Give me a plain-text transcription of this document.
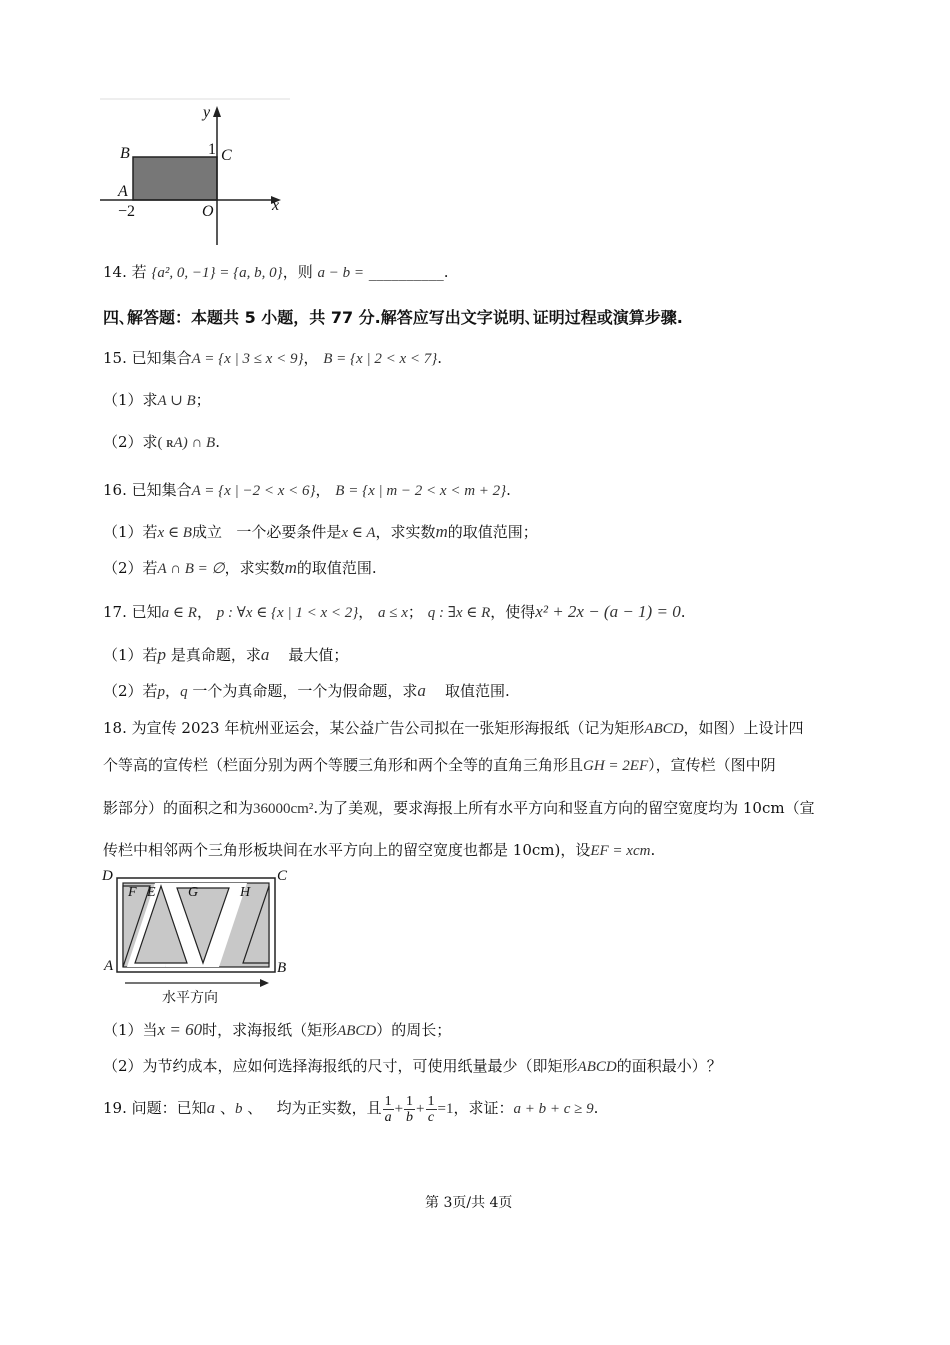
y
x
B	1 C
A
−2	O
14. 若 {a², 0, −1} = {a, b, 0}，则 a − b = __________.
四､解答题：本题共 5 小题，共 77 分.解答应写出文字说明､证明过程或演算步骤.
15. 已知集合A = {x | 3 ≤ x < 9}， B = {x | 2 < x < 7}.
（1）求A ∪ B；
（2）求( RA) ∩ B.
16. 已知集合A = {x | −2 < x < 6}， B = {x | m − 2 < x < m + 2}.
（1）若x ∈ B成立 一个必要条件是x ∈ A，求实数m的取值范围；
（2）若A ∩ B = ∅，求实数m的取值范围.
17. 已知a ∈ R， p : ∀x ∈ {x | 1 < x < 2}， a ≤ x； q : ∃x ∈ R，使得x² + 2x − (a − 1) = 0.
（1）若p 是真命题，求a 最大值；
（2）若p，q 一个为真命题，一个为假命题，求a 取值范围.
18. 为宣传 2023 年杭州亚运会，某公益广告公司拟在一张矩形海报纸（记为矩形ABCD，如图）上设计四
个等高的宣传栏（栏面分别为两个等腰三角形和两个全等的直角三角形且GH = 2EF），宣传栏（图中阴
影部分）的面积之和为36000cm².为了美观，要求海报上所有水平方向和竖直方向的留空宽度均为 10cm（宣
传栏中相邻两个三角形板块间在水平方向上的留空宽度也都是 10cm)，设EF = xcm.
D	C
A	B
F E G	H
水平方向
（1）当x = 60时，求海报纸（矩形ABCD）的周长；
（2）为节约成本，应如何选择海报纸的尺寸，可使用纸量最少（即矩形ABCD的面积最小）？
19. 问题：已知a 、b 、 均为正实数，且 $\frac{1}{a} + \frac{1}{b} + \frac{1}{c} =1$，求证：a + b + c ≥ 9.
第 3页/共 4页
